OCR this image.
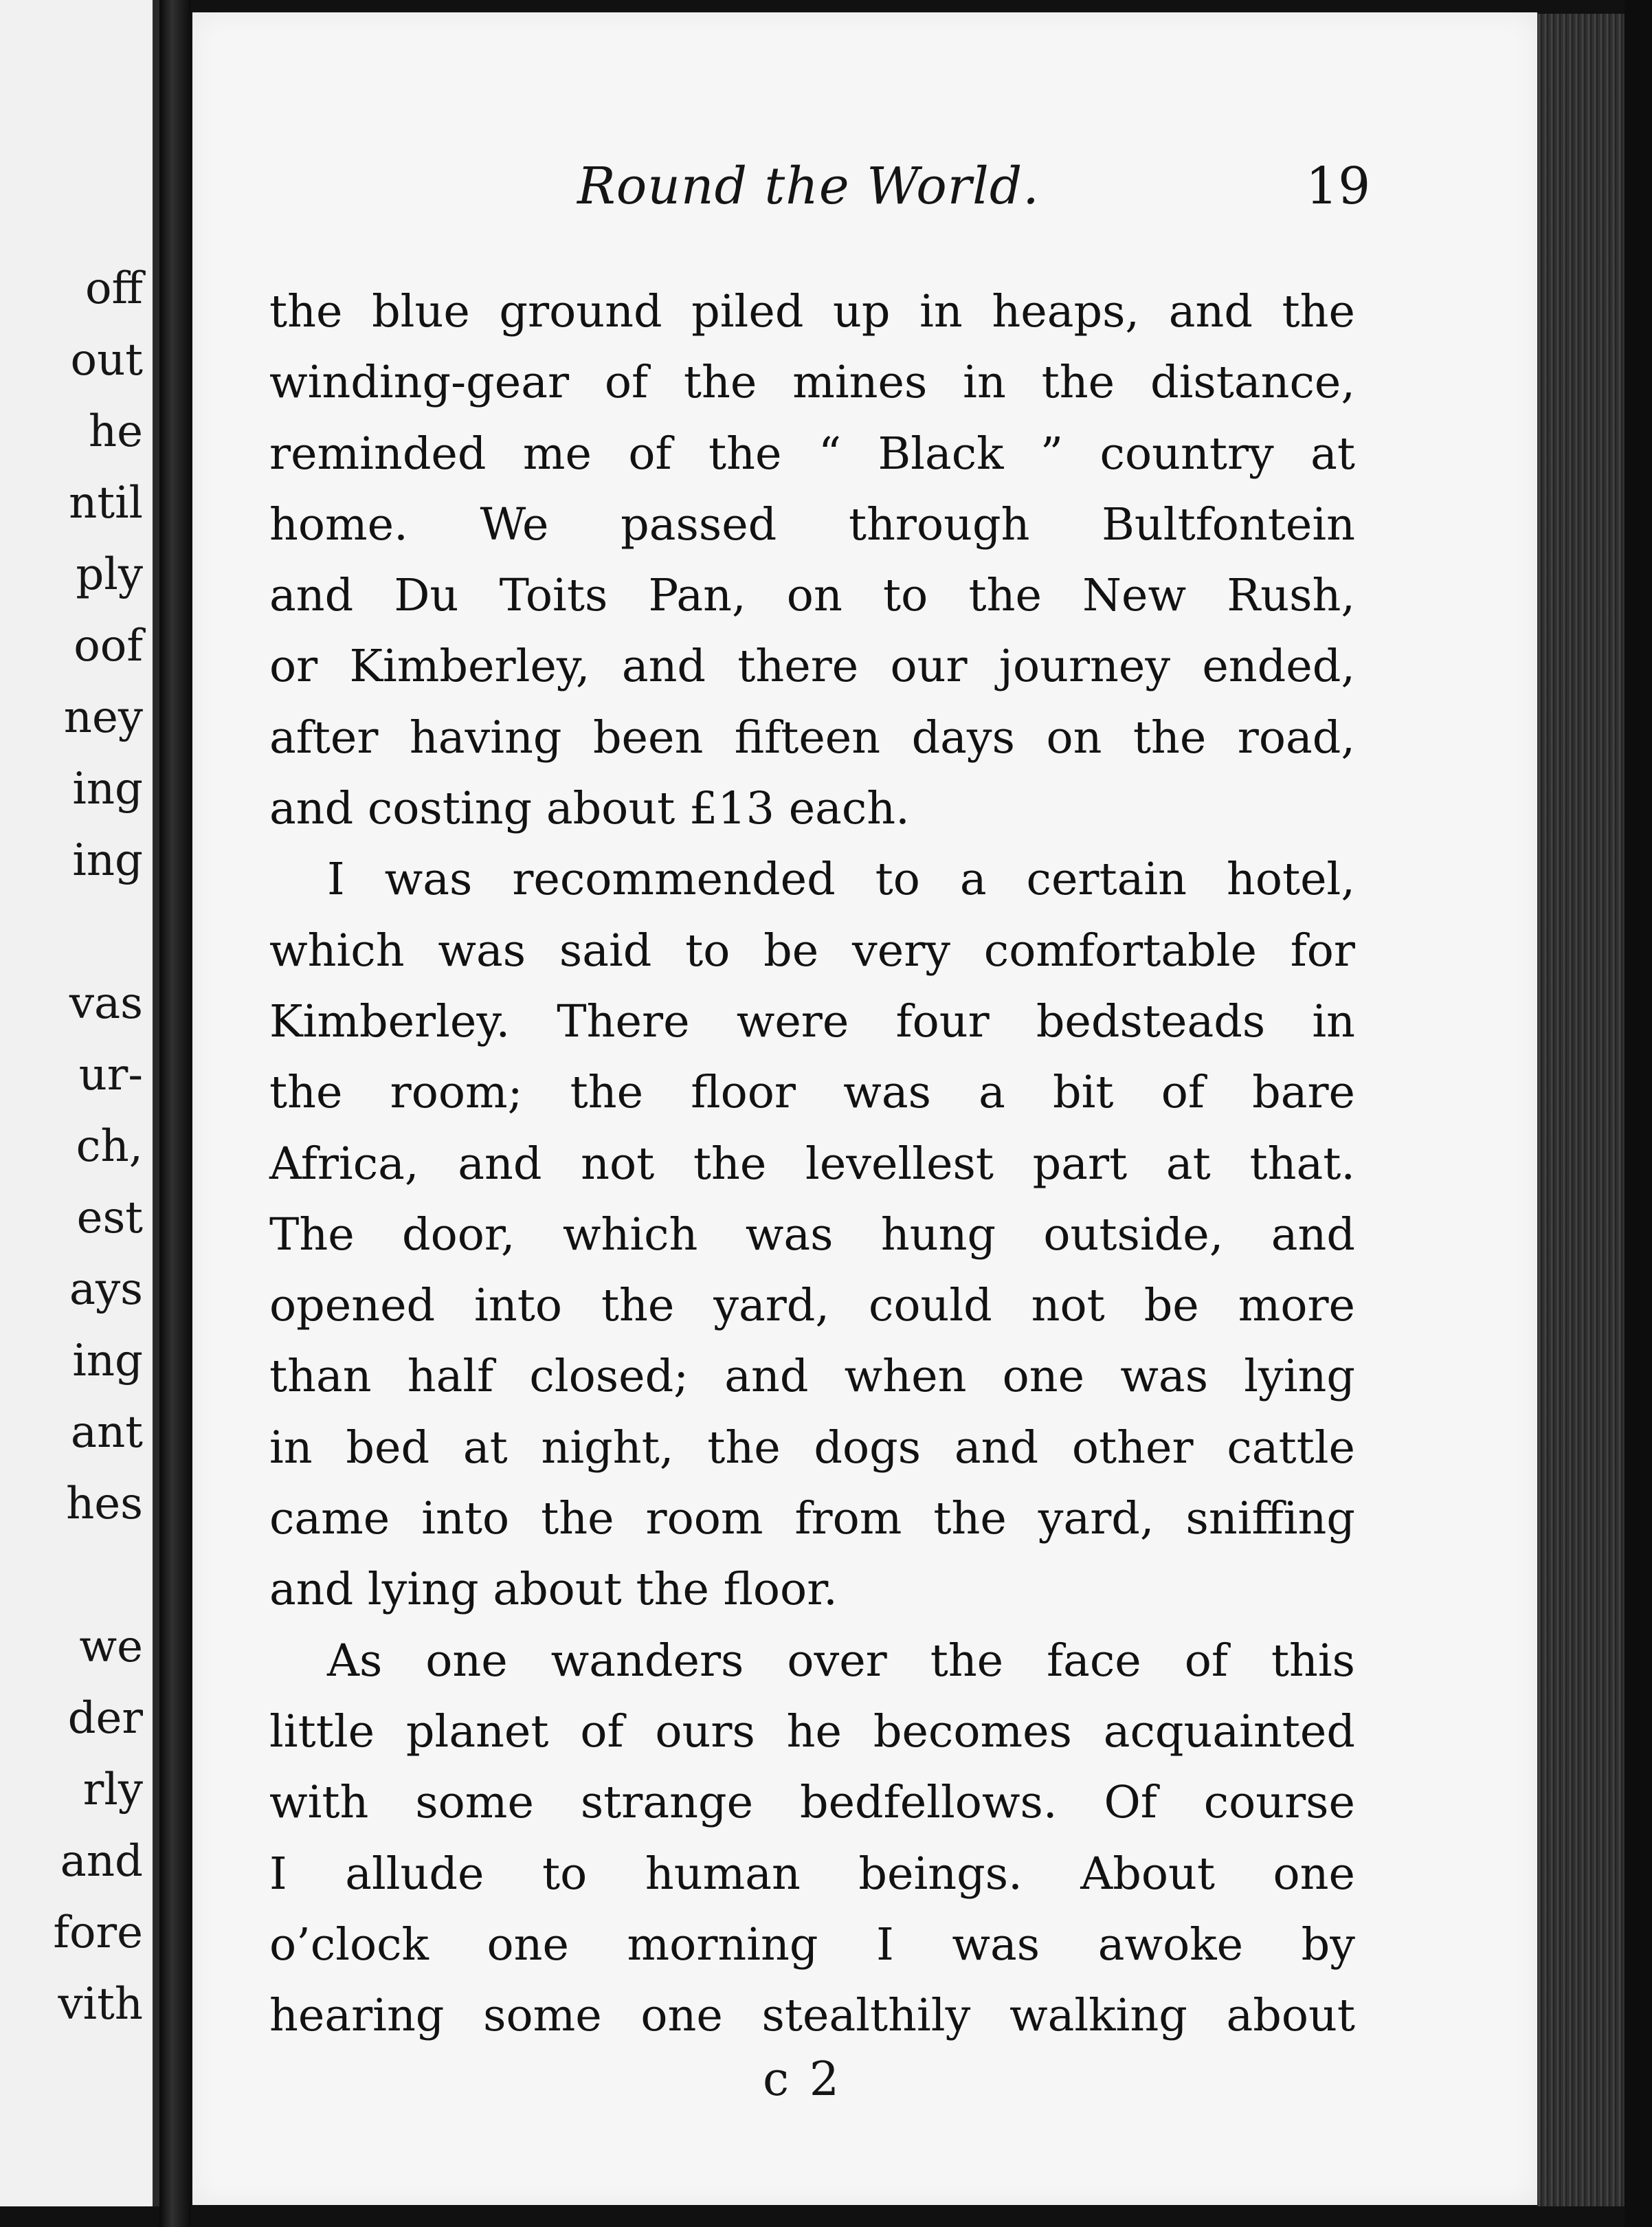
off
out
he
ntil
ply
oof
ney
ing
ing
vas
ur-
ch,
est
ays
ing
ant
hes
we
der
rly
and
fore
vith
Round the World.	19
the blue ground piled up in heaps, and the
winding-gear of the mines in the distance,
reminded me of the “ Black ” country at
home. We passed through Bultfontein
and Du Toits Pan, on to the New Rush,
or Kimberley, and there our journey ended,
after having been fifteen days on the road,
and costing about £13 each.
I was recommended to a certain hotel,
which was said to be very comfortable for
Kimberley. There were four bedsteads in
the room; the floor was a bit of bare
Africa, and not the levellest part at that.
The door, which was hung outside, and
opened into the yard, could not be more
than half closed; and when one was lying
in bed at night, the dogs and other cattle
came into the room from the yard, sniffing
and lying about the floor.
As one wanders over the face of this
little planet of ours he becomes acquainted
with some strange bedfellows. Of course
I allude to human beings. About one
o’clock one morning I was awoke by
hearing some one stealthily walking about
c 2
